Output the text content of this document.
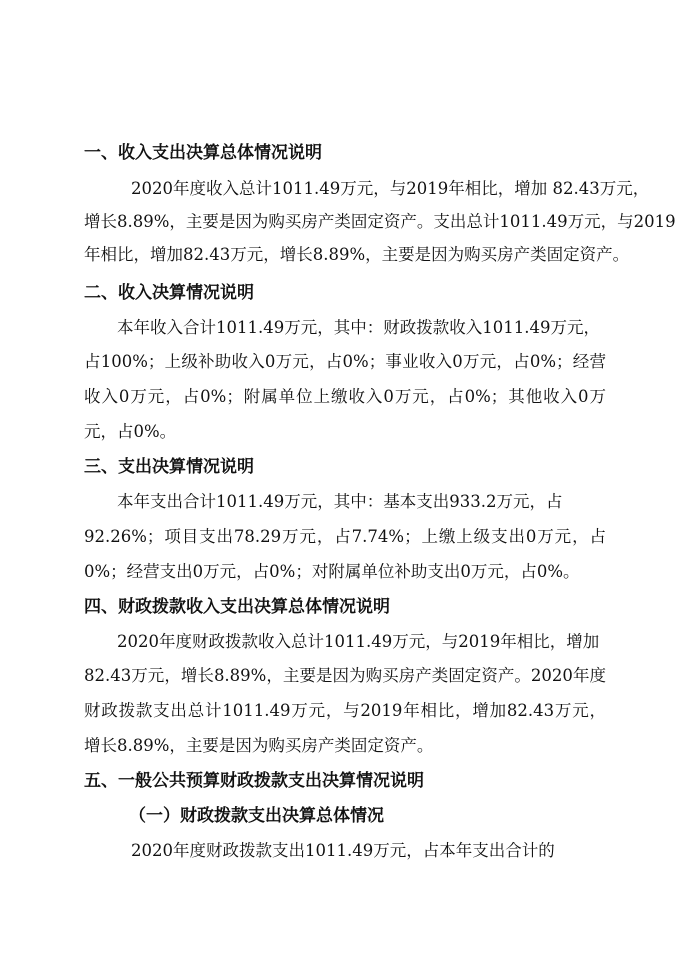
一、收入支出决算总体情况说明
2020年度收入总计1011.49万元，与2019年相比，增加 82.43万元，
增长8.89%，主要是因为购买房产类固定资产。支出总计1011.49万元，与2019
年相比，增加82.43万元，增长8.89%，主要是因为购买房产类固定资产。
二、收入决算情况说明
本年收入合计1011.49万元，其中：财政拨款收入1011.49万元，
占100%；上级补助收入0万元，占0%；事业收入0万元，占0%；经营
收入0万元，占0%；附属单位上缴收入0万元，占0%；其他收入0万
元，占0%。
三、支出决算情况说明
本年支出合计1011.49万元，其中：基本支出933.2万元，占
92.26%；项目支出78.29万元，占7.74%；上缴上级支出0万元，占
0%；经营支出0万元，占0%；对附属单位补助支出0万元，占0%。
四、财政拨款收入支出决算总体情况说明
2020年度财政拨款收入总计1011.49万元，与2019年相比，增加
82.43万元，增长8.89%，主要是因为购买房产类固定资产。2020年度
财政拨款支出总计1011.49万元，与2019年相比，增加82.43万元，
增长8.89%，主要是因为购买房产类固定资产。
五、一般公共预算财政拨款支出决算情况说明
（一）财政拨款支出决算总体情况
2020年度财政拨款支出1011.49万元，占本年支出合计的
